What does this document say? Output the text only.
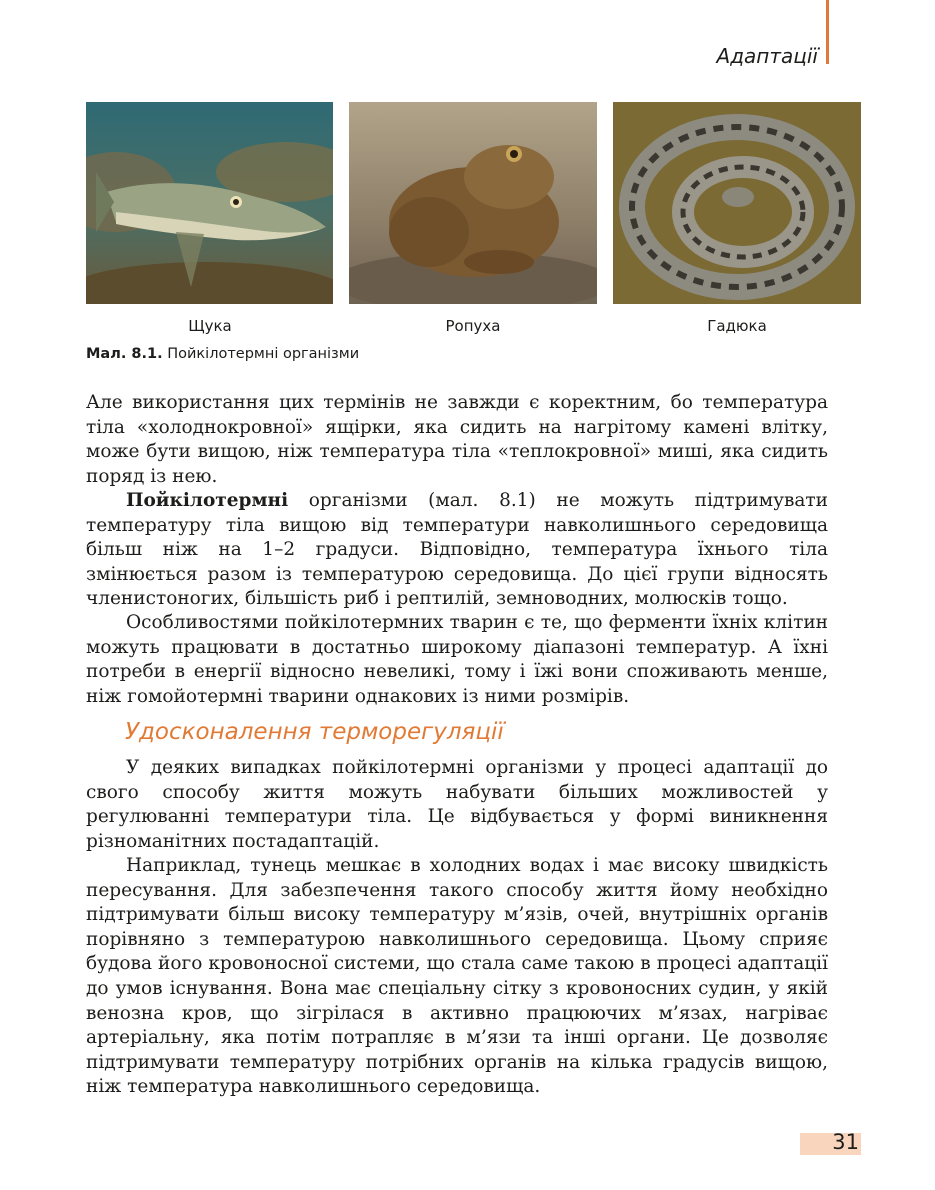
Адаптації
Щука	Ропуха	Гадюка
Мал. 8.1. Пойкілотермні організми

Але використання цих термінів не завжди є коректним, бо температура тіла «холоднокровної» ящірки, яка сидить на нагрітому камені влітку, може бути вищою, ніж температура тіла «теплокровної» миші, яка сидить поряд із нею.

Пойкілотермні організми (мал. 8.1) не можуть підтримувати температуру тіла вищою від температури навколишнього середовища більш ніж на 1–2 градуси. Відповідно, температура їхнього тіла змінюється разом із температурою середовища. До цієї групи відносять членистоногих, більшість риб і рептилій, земноводних, молюсків тощо.

Особливостями пойкілотермних тварин є те, що ферменти їхніх клітин можуть працювати в достатньо широкому діапазоні температур. А їхні потреби в енергії відносно невеликі, тому і їжі вони споживають менше, ніж гомойотермні тварини однакових із ними розмірів.

Удосконалення терморегуляції

У деяких випадках пойкілотермні організми у процесі адаптації до свого способу життя можуть набувати більших можливостей у регулюванні температури тіла. Це відбувається у формі виникнення різноманітних постадаптацій.

Наприклад, тунець мешкає в холодних водах і має високу швидкість пересування. Для забезпечення такого способу життя йому необхідно підтримувати більш високу температуру м’язів, очей, внутрішніх органів порівняно з температурою навколишнього середовища. Цьому сприяє будова його кровоносної системи, що стала саме такою в процесі адаптації до умов існування. Вона має спеціальну сітку з кровоносних судин, у якій венозна кров, що зігрілася в активно працюючих м’язах, нагріває артеріальну, яка потім потрапляє в м’язи та інші органи. Це дозволяє підтримувати температуру потрібних органів на кілька градусів вищою, ніж температура навколишнього середовища.

31
